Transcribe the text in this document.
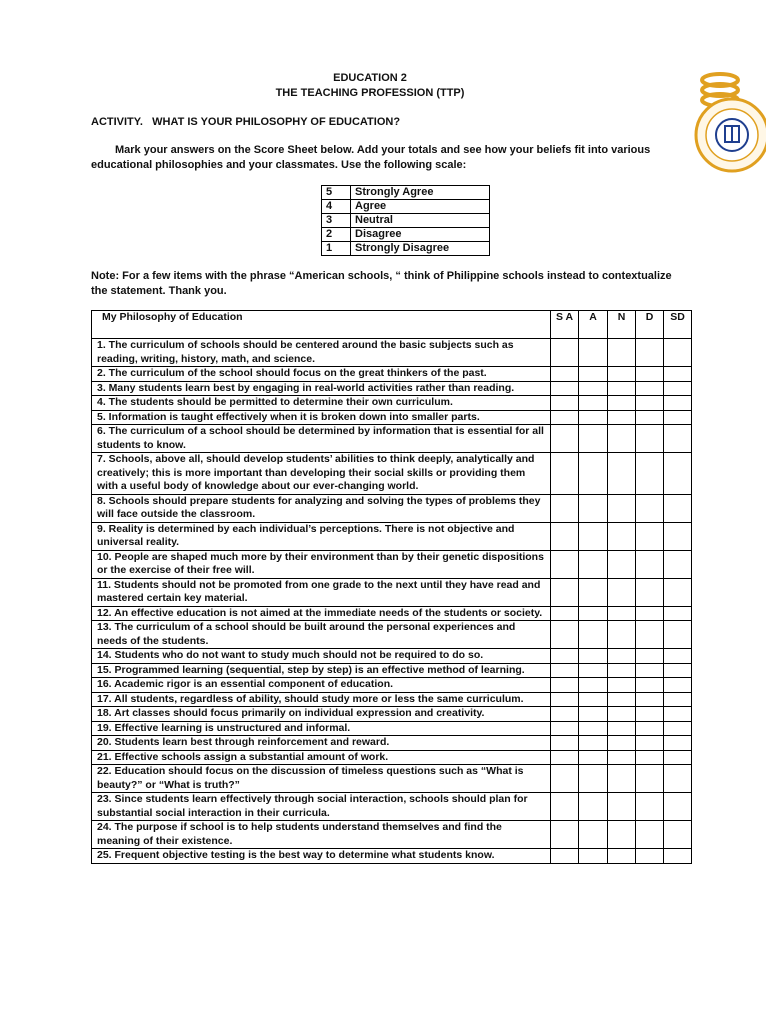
EDUCATION 2
THE TEACHING PROFESSION (TTP)
ACTIVITY.   WHAT IS YOUR PHILOSOPHY OF EDUCATION?
Mark your answers on the Score Sheet below. Add your totals and see how your beliefs fit into various educational philosophies and your classmates. Use the following scale:
5	Strongly Agree
4	Agree
3	Neutral
2	Disagree
1	Strongly Disagree
Note: For a few items with the phrase “American schools, “ think of Philippine schools instead to contextualize the statement. Thank you.
My Philosophy of Education	S A	A	N	D	SD
1. The curriculum of schools should be centered around the basic subjects such as reading, writing, history, math, and science.					
2. The curriculum of the school should focus on the great thinkers of the past.					
3. Many students learn best by engaging in real-world activities rather than reading.					
4. The students should be permitted to determine their own curriculum.					
5. Information is taught effectively when it is broken down into smaller parts.					
6. The curriculum of a school should be determined by information that is essential for all students to know.					
7. Schools, above all, should develop students’ abilities to think deeply, analytically and creatively; this is more important than developing their social skills or providing them with a useful body of knowledge about our ever-changing world.					
8. Schools should prepare students for analyzing and solving the types of problems they will face outside the classroom.					
9. Reality is determined by each individual’s perceptions. There is not objective and universal reality.					
10. People are shaped much more by their environment than by their genetic dispositions or the exercise of their free will.					
11. Students should not be promoted from one grade to the next until they have read and mastered certain key material.					
12. An effective education is not aimed at the immediate needs of the students or society.					
13. The curriculum of a school should be built around the personal experiences and needs of the students.					
14. Students who do not want to study much should not be required to do so.					
15. Programmed learning (sequential, step by step) is an effective method of learning.					
16. Academic rigor is an essential component of education.					
17. All students, regardless of ability, should study more or less the same curriculum.					
18. Art classes should focus primarily on individual expression and creativity.					
19. Effective learning is unstructured and informal.					
20. Students learn best through reinforcement and reward.					
21. Effective schools assign a substantial amount of work.					
22. Education should focus on the discussion of timeless questions such as “What is beauty?” or “What is truth?”					
23. Since students learn effectively through social interaction, schools should plan for substantial social interaction in their curricula.					
24. The purpose if school is to help students understand themselves and find the meaning of their existence.					
25. Frequent objective testing is the best way to determine what students know.					
